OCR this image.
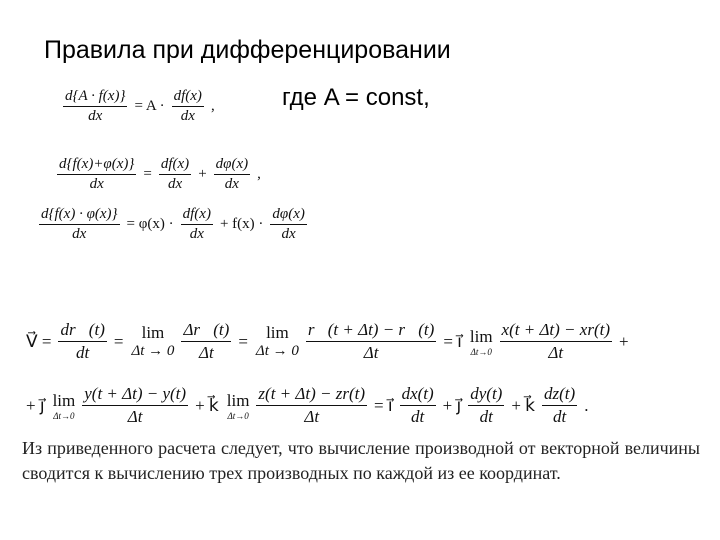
Правила при дифференцировании
где A = const,
$\frac{d\{A \cdot f(x)\}}{dx} = A \cdot \frac{df(x)}{dx}$ ,
$\frac{d\{f(x)+\varphi(x)\}}{dx} = \frac{df(x)}{dx} + \frac{d\varphi(x)}{dx}$ ,
$\frac{d\{f(x) \cdot \varphi(x)\}}{dx} = \varphi(x) \cdot \frac{df(x)}{dx} + f(x) \cdot \frac{d\varphi(x)}{dx}$
V⃗ = $\frac{dr⃗(t)}{dt} = \lim$
$\Delta t \to 0 \frac{\Delta r⃗(t)}{\Delta t} = \lim$
$\Delta t \to 0 \frac{r⃗(t + \Delta t) - r⃗(t)}{\Delta t}$ = i⃗ lim
$\Delta t\to 0 \frac{x(t + \Delta t) - xr(t)}{\Delta t}$ +
+ j⃗ lim
$\Delta t\to 0 \frac{y(t + \Delta t) - y(t)}{\Delta t}$ + k⃗ lim
$\Delta t\to 0 \frac{z(t + \Delta t) - zr(t)}{\Delta t}$ = i⃗ $\frac{dx(t)}{dt}$ + j⃗ $\frac{dy(t)}{dt}$ + k⃗ $\frac{dz(t)}{dt}$ .

Из приведенного расчета следует, что вычисление производной от векторной величины сводится к вычислению трех производных по каждой из ее координат.
